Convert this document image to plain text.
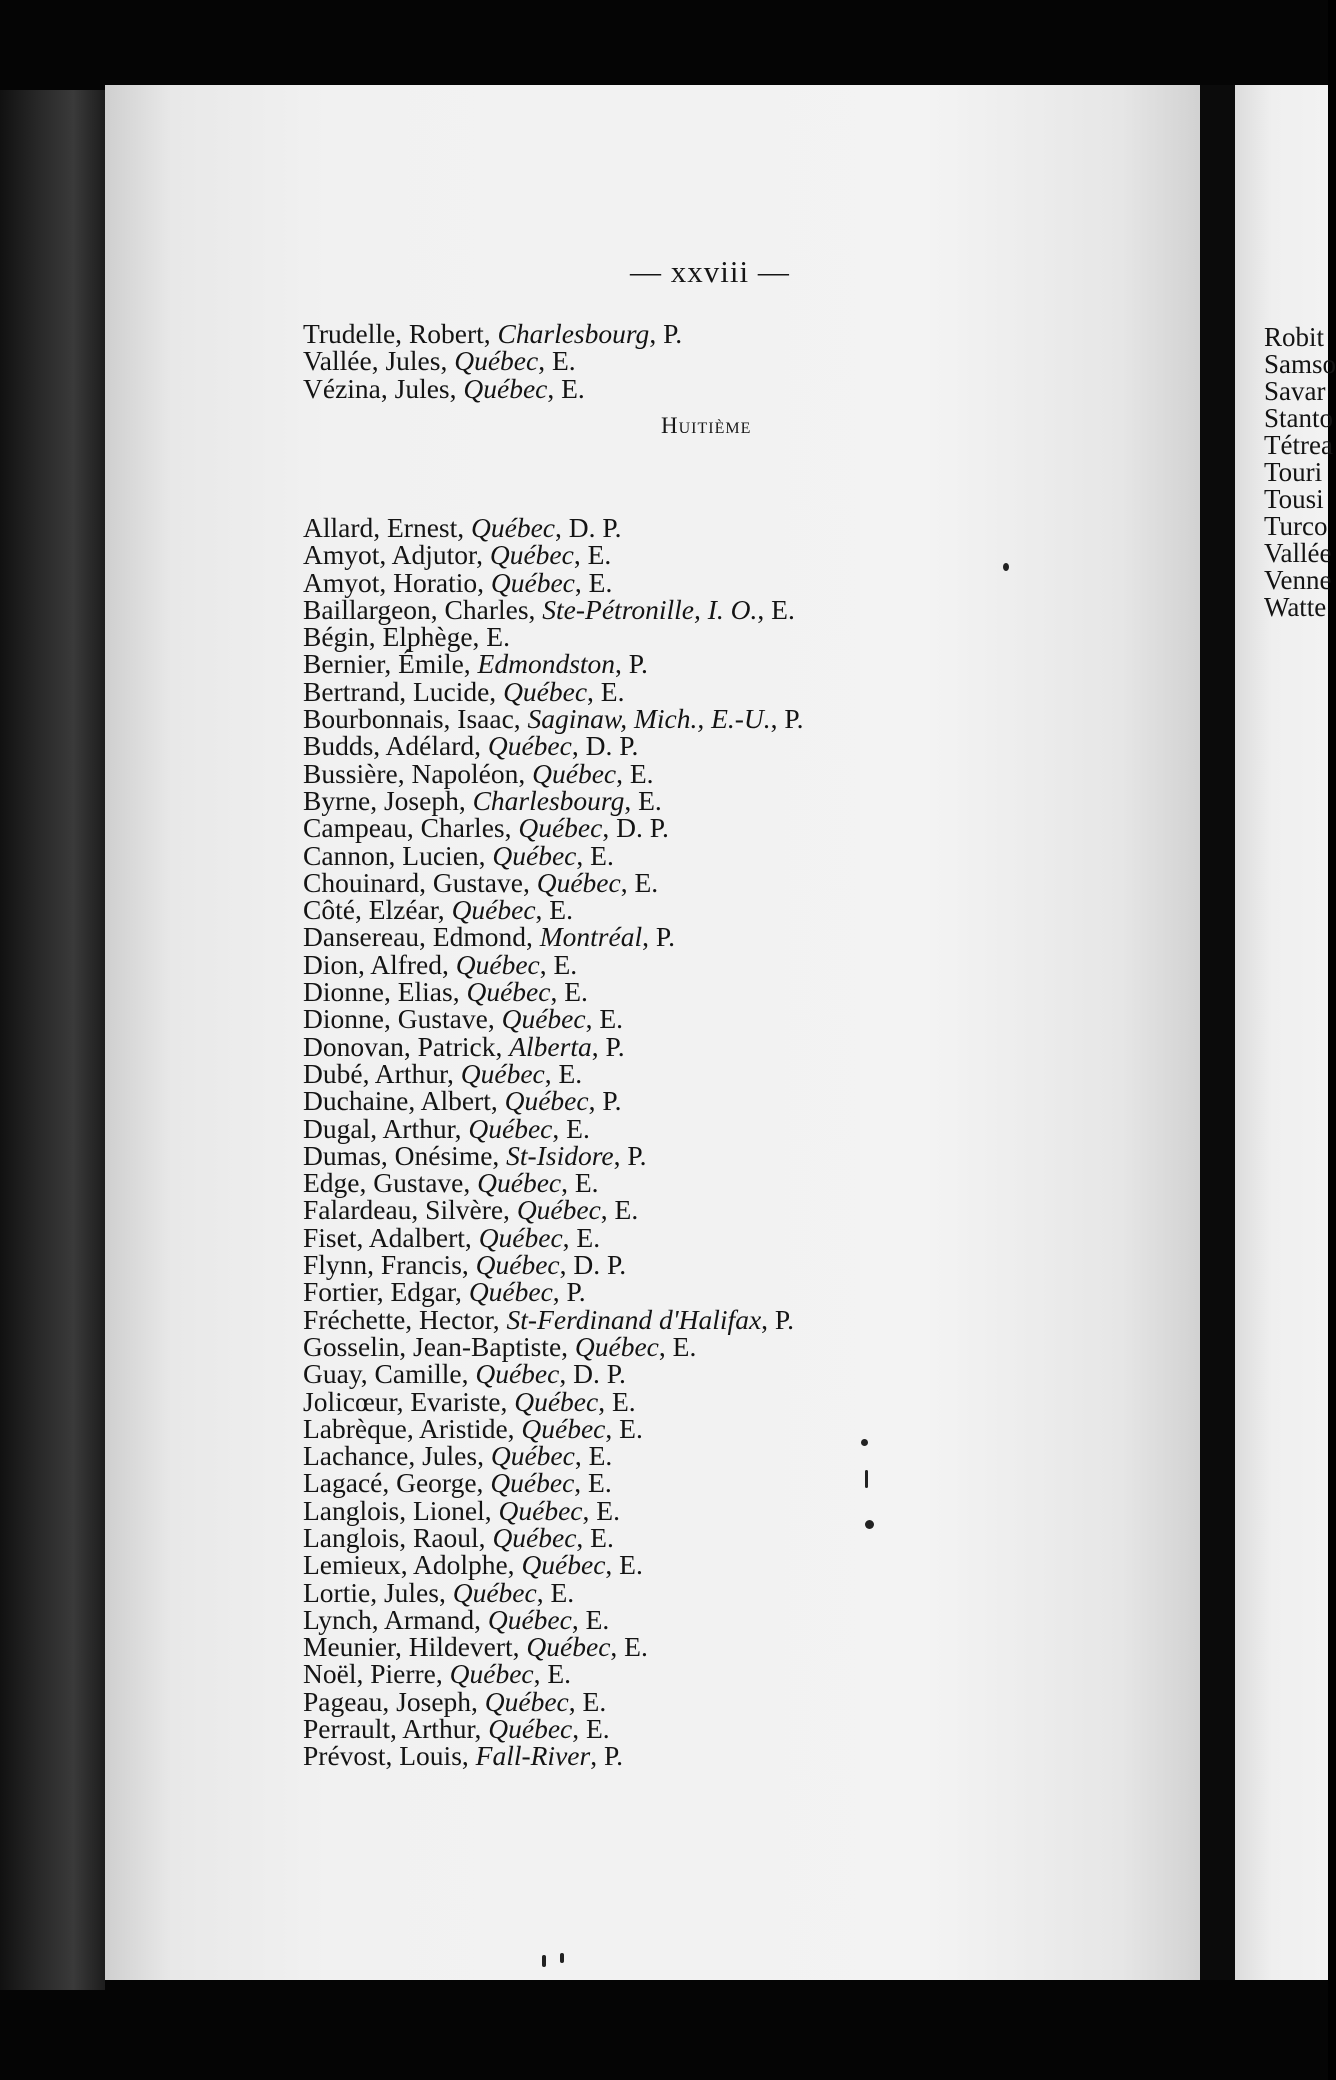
Robit
Samso
Savar
Stanto
Tétrea
Touri
Tousi
Turco
Vallée
Venne
Watte
— xxviii —
Trudelle, Robert, Charlesbourg, P.
Vallée, Jules, Québec, E.
Vézina, Jules, Québec, E.
Huitième
Allard, Ernest, Québec, D. P.
Amyot, Adjutor, Québec, E.
Amyot, Horatio, Québec, E.
Baillargeon, Charles, Ste-Pétronille, I. O., E.
Bégin, Elphège, E.
Bernier, Émile, Edmondston, P.
Bertrand, Lucide, Québec, E.
Bourbonnais, Isaac, Saginaw, Mich., E.-U., P.
Budds, Adélard, Québec, D. P.
Bussière, Napoléon, Québec, E.
Byrne, Joseph, Charlesbourg, E.
Campeau, Charles, Québec, D. P.
Cannon, Lucien, Québec, E.
Chouinard, Gustave, Québec, E.
Côté, Elzéar, Québec, E.
Dansereau, Edmond, Montréal, P.
Dion, Alfred, Québec, E.
Dionne, Elias, Québec, E.
Dionne, Gustave, Québec, E.
Donovan, Patrick, Alberta, P.
Dubé, Arthur, Québec, E.
Duchaine, Albert, Québec, P.
Dugal, Arthur, Québec, E.
Dumas, Onésime, St-Isidore, P.
Edge, Gustave, Québec, E.
Falardeau, Silvère, Québec, E.
Fiset, Adalbert, Québec, E.
Flynn, Francis, Québec, D. P.
Fortier, Edgar, Québec, P.
Fréchette, Hector, St-Ferdinand d'Halifax, P.
Gosselin, Jean-Baptiste, Québec, E.
Guay, Camille, Québec, D. P.
Jolicœur, Evariste, Québec, E.
Labrèque, Aristide, Québec, E.
Lachance, Jules, Québec, E.
Lagacé, George, Québec, E.
Langlois, Lionel, Québec, E.
Langlois, Raoul, Québec, E.
Lemieux, Adolphe, Québec, E.
Lortie, Jules, Québec, E.
Lynch, Armand, Québec, E.
Meunier, Hildevert, Québec, E.
Noël, Pierre, Québec, E.
Pageau, Joseph, Québec, E.
Perrault, Arthur, Québec, E.
Prévost, Louis, Fall-River, P.
